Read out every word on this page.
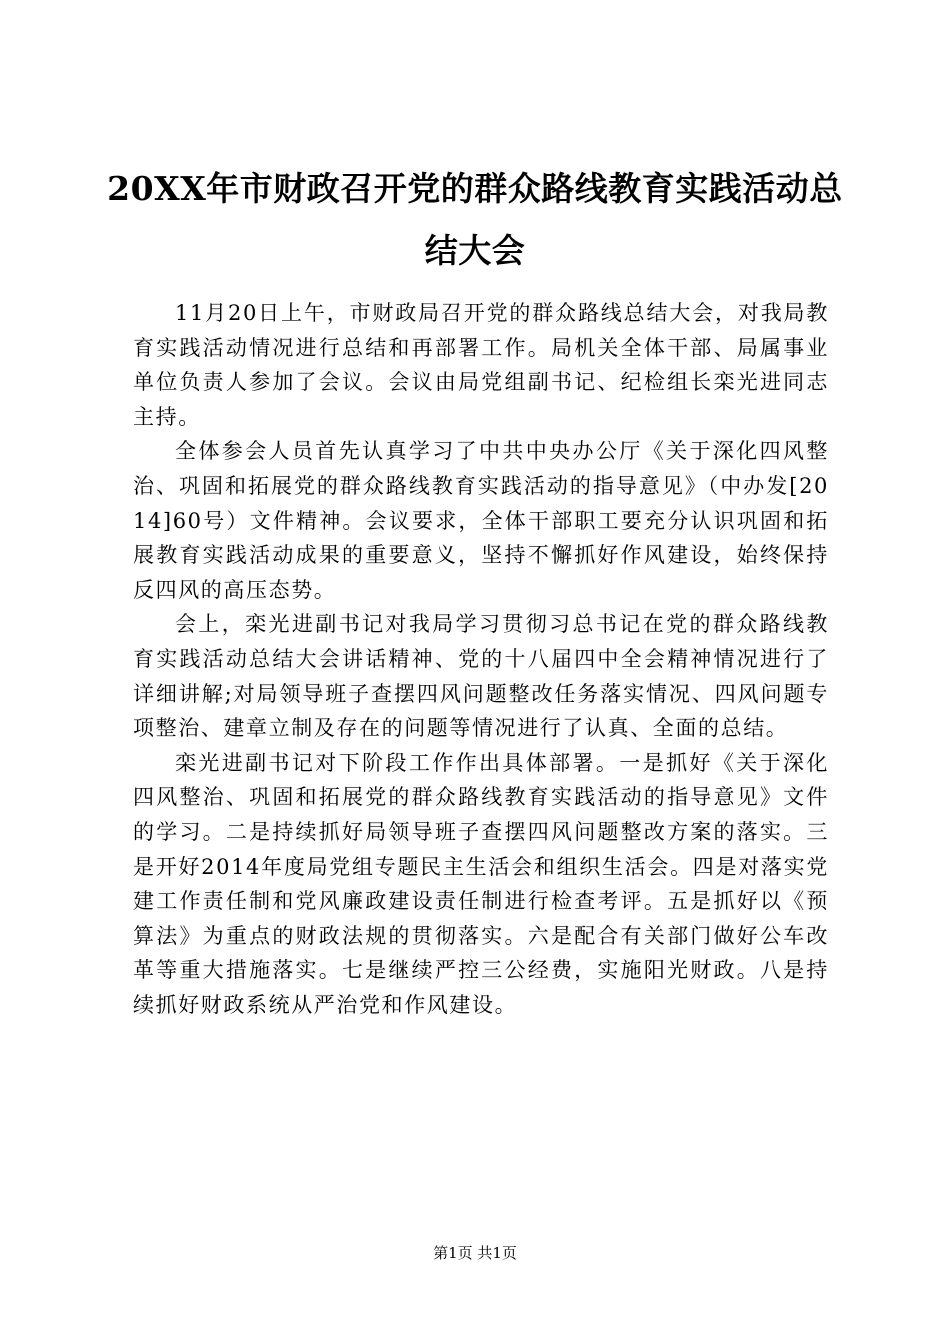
20XX年市财政召开党的群众路线教育实践活动总结大会

11月20日上午，市财政局召开党的群众路线总结大会，对我局教育实践活动情况进行总结和再部署工作。局机关全体干部、局属事业单位负责人参加了会议。会议由局党组副书记、纪检组长栾光进同志主持。

全体参会人员首先认真学习了中共中央办公厅《关于深化四风整治、巩固和拓展党的群众路线教育实践活动的指导意见》（中办发[2014]60号）文件精神。会议要求，全体干部职工要充分认识巩固和拓展教育实践活动成果的重要意义，坚持不懈抓好作风建设，始终保持反四风的高压态势。

会上，栾光进副书记对我局学习贯彻习总书记在党的群众路线教育实践活动总结大会讲话精神、党的十八届四中全会精神情况进行了详细讲解;对局领导班子查摆四风问题整改任务落实情况、四风问题专项整治、建章立制及存在的问题等情况进行了认真、全面的总结。

栾光进副书记对下阶段工作作出具体部署。一是抓好《关于深化四风整治、巩固和拓展党的群众路线教育实践活动的指导意见》文件的学习。二是持续抓好局领导班子查摆四风问题整改方案的落实。三是开好2014年度局党组专题民主生活会和组织生活会。四是对落实党建工作责任制和党风廉政建设责任制进行检查考评。五是抓好以《预算法》为重点的财政法规的贯彻落实。六是配合有关部门做好公车改革等重大措施落实。七是继续严控三公经费，实施阳光财政。八是持续抓好财政系统从严治党和作风建设。

第1页 共1页
